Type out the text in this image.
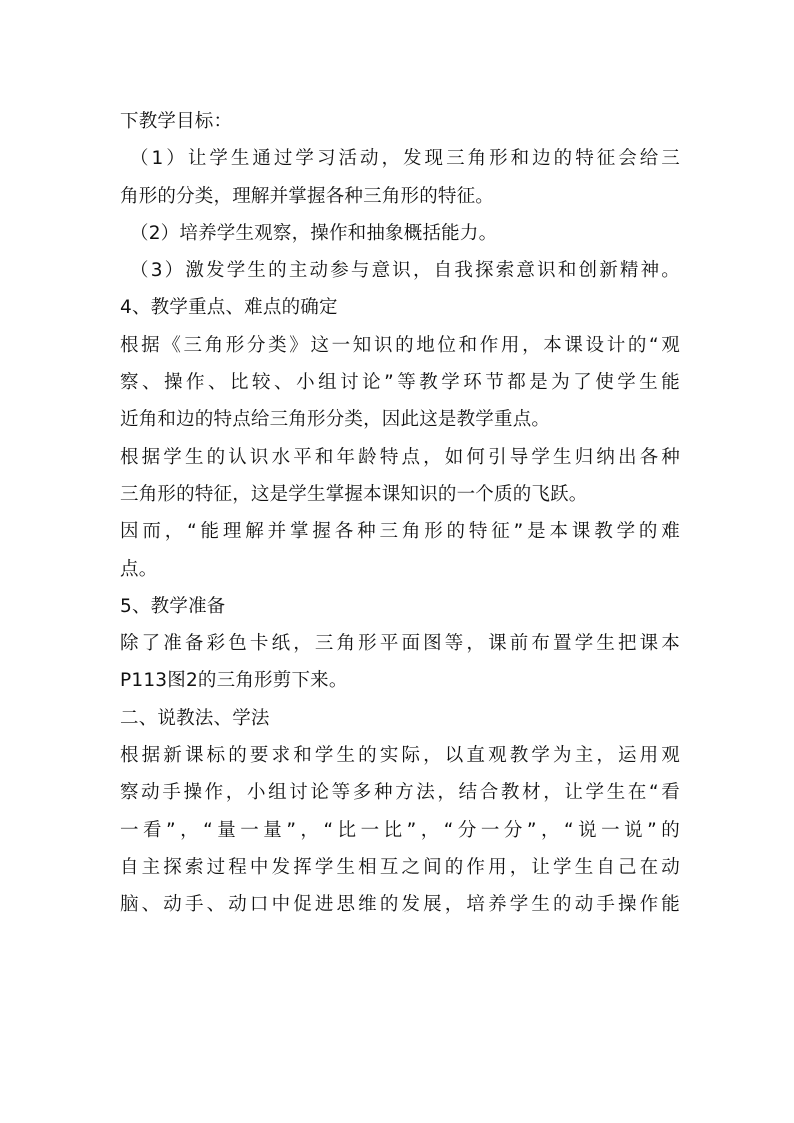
下教学目标：
（1）让学生通过学习活动，发现三角形和边的特征会给三
角形的分类，理解并掌握各种三角形的特征。
（2）培养学生观察，操作和抽象概括能力。
（3）激发学生的主动参与意识，自我探索意识和创新精神。
4、教学重点、难点的确定
根据《三角形分类》这一知识的地位和作用，本课设计的“观
察、操作、比较、小组讨论”等教学环节都是为了使学生能
近角和边的特点给三角形分类，因此这是教学重点。
根据学生的认识水平和年龄特点，如何引导学生归纳出各种
三角形的特征，这是学生掌握本课知识的一个质的飞跃。
因而，“能理解并掌握各种三角形的特征”是本课教学的难
点。
5、教学准备
除了准备彩色卡纸，三角形平面图等，课前布置学生把课本
P113图2的三角形剪下来。
二、说教法、学法
根据新课标的要求和学生的实际，以直观教学为主，运用观
察动手操作，小组讨论等多种方法，结合教材，让学生在“看
一看”，“量一量”，“比一比”，“分一分”，“说一说”的
自主探索过程中发挥学生相互之间的作用，让学生自己在动
脑、动手、动口中促进思维的发展，培养学生的动手操作能
